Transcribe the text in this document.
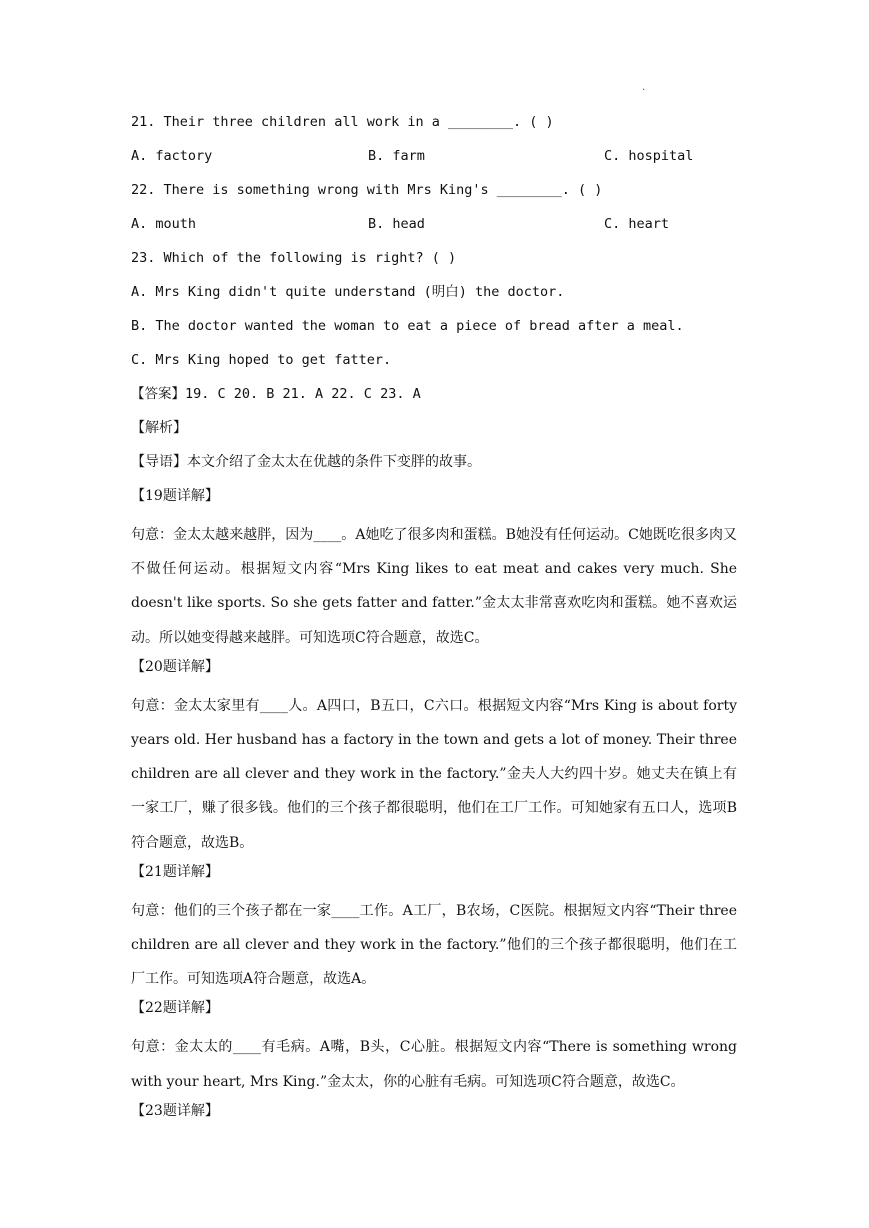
.
21. Their three children all work in a ________. ( )
A. factory	B. farm	C. hospital
22. There is something wrong with Mrs King's ________. ( )
A. mouth	B. head	C. heart
23. Which of the following is right? ( )
A. Mrs King didn't quite understand (明白) the doctor.
B. The doctor wanted the woman to eat a piece of bread after a meal.
C. Mrs King hoped to get fatter.
【答案】19. C 20. B 21. A 22. C 23. A
【解析】
【导语】本文介绍了金太太在优越的条件下变胖的故事。
【19题详解】
句意：金太太越来越胖，因为____。A她吃了很多肉和蛋糕。B她没有任何运动。C她既吃很多肉又不做任何运动。根据短文内容“Mrs King likes to eat meat and cakes very much. She doesn't like sports. So she gets fatter and fatter.”金太太非常喜欢吃肉和蛋糕。她不喜欢运动。所以她变得越来越胖。可知选项C符合题意，故选C。
【20题详解】
句意：金太太家里有____人。A四口，B五口，C六口。根据短文内容“Mrs King is about forty years old. Her husband has a factory in the town and gets a lot of money. Their three children are all clever and they work in the factory.”金夫人大约四十岁。她丈夫在镇上有一家工厂，赚了很多钱。他们的三个孩子都很聪明，他们在工厂工作。可知她家有五口人，选项B符合题意，故选B。
【21题详解】
句意：他们的三个孩子都在一家____工作。A工厂，B农场，C医院。根据短文内容“Their three children are all clever and they work in the factory.”他们的三个孩子都很聪明，他们在工厂工作。可知选项A符合题意，故选A。
【22题详解】
句意：金太太的____有毛病。A嘴，B头，C心脏。根据短文内容“There is something wrong with your heart, Mrs King.”金太太，你的心脏有毛病。可知选项C符合题意，故选C。
【23题详解】
